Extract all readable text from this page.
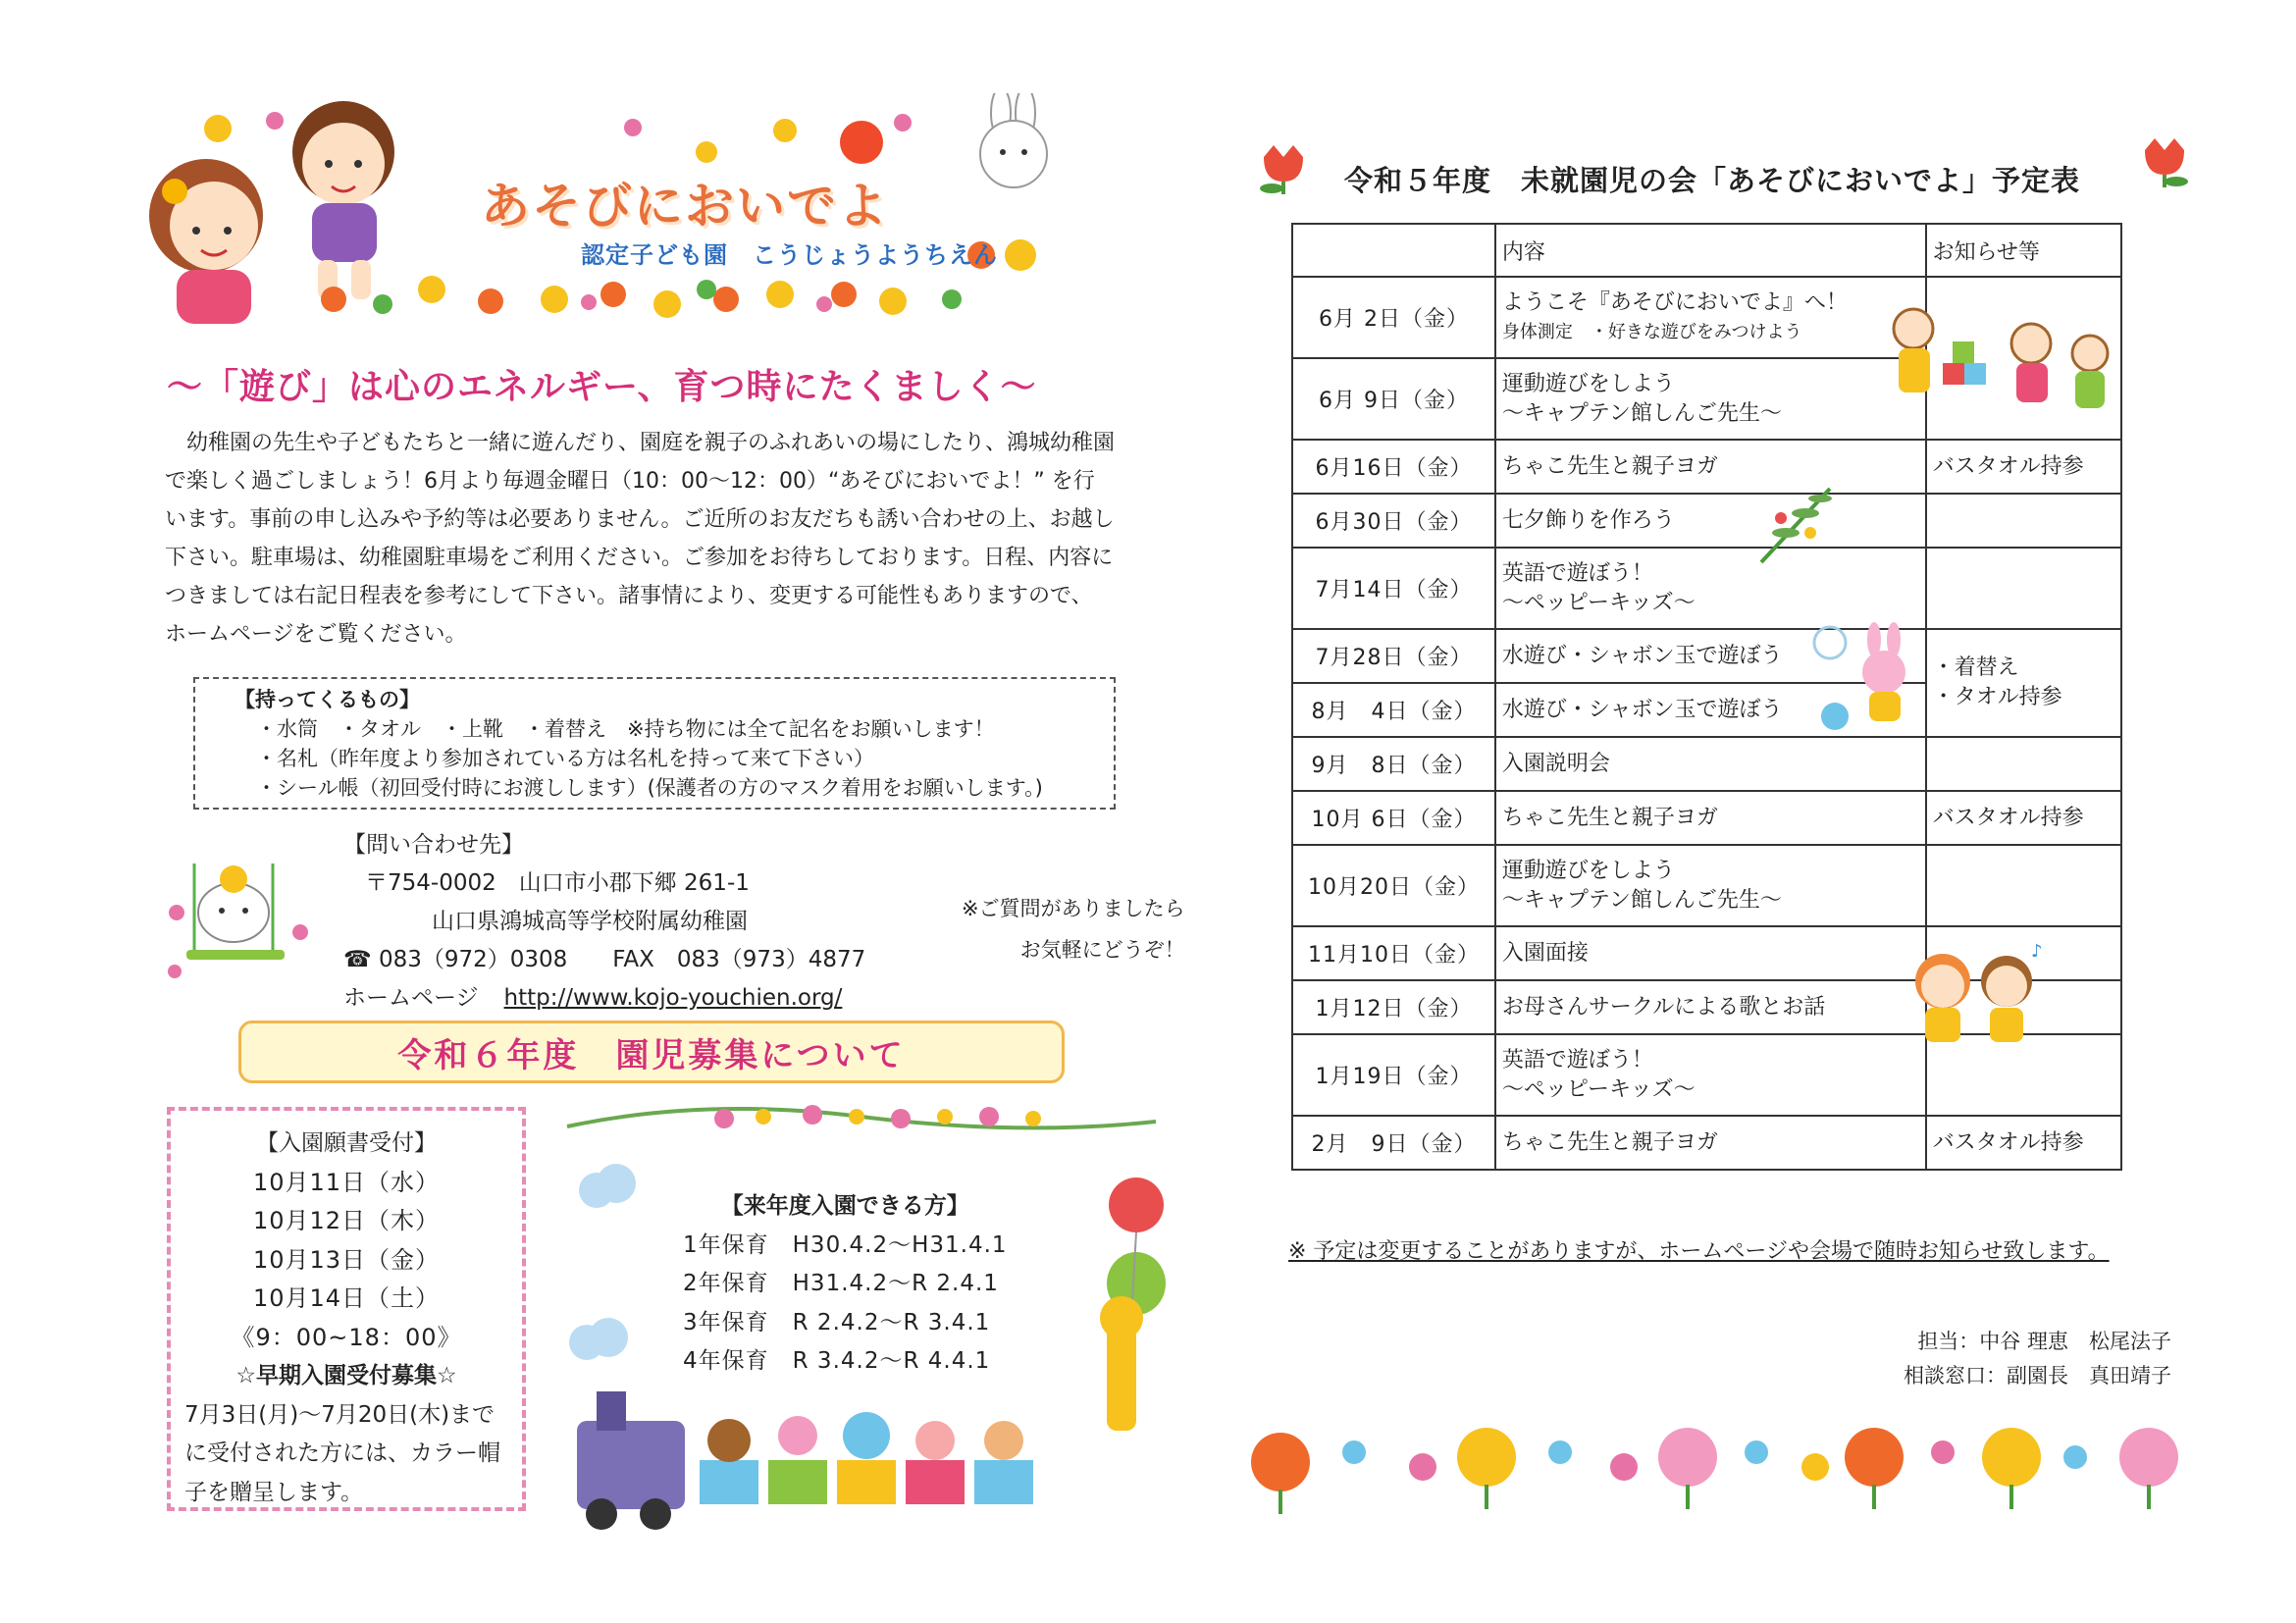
あそびにおいでよ
認定子ども園　こうじょうようちえん
～「遊び」は心のエネルギー、育つ時にたくましく～

幼稚園の先生や子どもたちと一緒に遊んだり、園庭を親子のふれあいの場にしたり、鴻城幼稚園

で楽しく過ごしましょう！6月より毎週金曜日（10：00～12：00）“あそびにおいでよ！” を行
います。事前の申し込みや予約等は必要ありません。ご近所のお友だちも誘い合わせの上、お越し
下さい。駐車場は、幼稚園駐車場をご利用ください。ご参加をお待ちしております。日程、内容に
つきましては右記日程表を参考にして下さい。諸事情により、変更する可能性もありますので、
ホームページをご覧ください。
【持ってくるもの】
・水筒　・タオル　・上靴　・着替え　※持ち物には全て記名をお願いします！
・名札（昨年度より参加されている方は名札を持って来て下さい）
・シール帳（初回受付時にお渡しします）(保護者の方のマスク着用をお願いします。)
【問い合わせ先】
〒754-0002　山口市小郡下郷 261-1
山口県鴻城高等学校附属幼稚園
☎ 083（972）0308　　FAX　083（973）4877
ホームページ http://www.kojo-youchien.org/
※ご質問がありましたら
お気軽にどうぞ！
令和６年度　園児募集について
【入園願書受付】
10月11日（水）
10月12日（木）
10月13日（金）
10月14日（土）
《9：00~18：00》
☆早期入園受付募集☆
7月3日(月)～7月20日(木)までに受付された方には、カラー帽子を贈呈します。
【来年度入園できる方】
1年保育　 H30.4.2～H31.4.1
2年保育　 H31.4.2～R 2.4.1
3年保育　 R 2.4.2～R 3.4.1
4年保育　 R 3.4.2～R 4.4.1
令和５年度　未就園児の会「あそびにおいでよ」予定表
	内容	お知らせ等
6月 2日（金）	ようこそ『あそびにおいでよ』へ！
身体測定　・好きな遊びをみつけよう	

6月 9日（金）	運動遊びをしよう
～キャプテン館しんご先生～	

6月16日（金）	ちゃこ先生と親子ヨガ	バスタオル持参
6月30日（金）	七夕飾りを作ろう	
7月14日（金）	英語で遊ぼう！
～ペッピーキッズ～	

7月28日（金）	水遊び・シャボン玉で遊ぼう	・着替え
・タオル持参

8月　4日（金）	水遊び・シャボン玉で遊ぼう	
9月　8日（金）	入園説明会	
10月 6日（金）	ちゃこ先生と親子ヨガ	バスタオル持参
10月20日（金）	運動遊びをしよう
～キャプテン館しんご先生～	

11月10日（金）	入園面接	
1月12日（金）	お母さんサークルによる歌とお話	
1月19日（金）	英語で遊ぼう！
～ペッピーキッズ～	

2月　9日（金）	ちゃこ先生と親子ヨガ	バスタオル持参
♪
※ 予定は変更することがありますが、ホームページや会場で随時お知らせ致します。
担当：中谷 理恵　松尾法子
相談窓口：副園長　真田靖子
